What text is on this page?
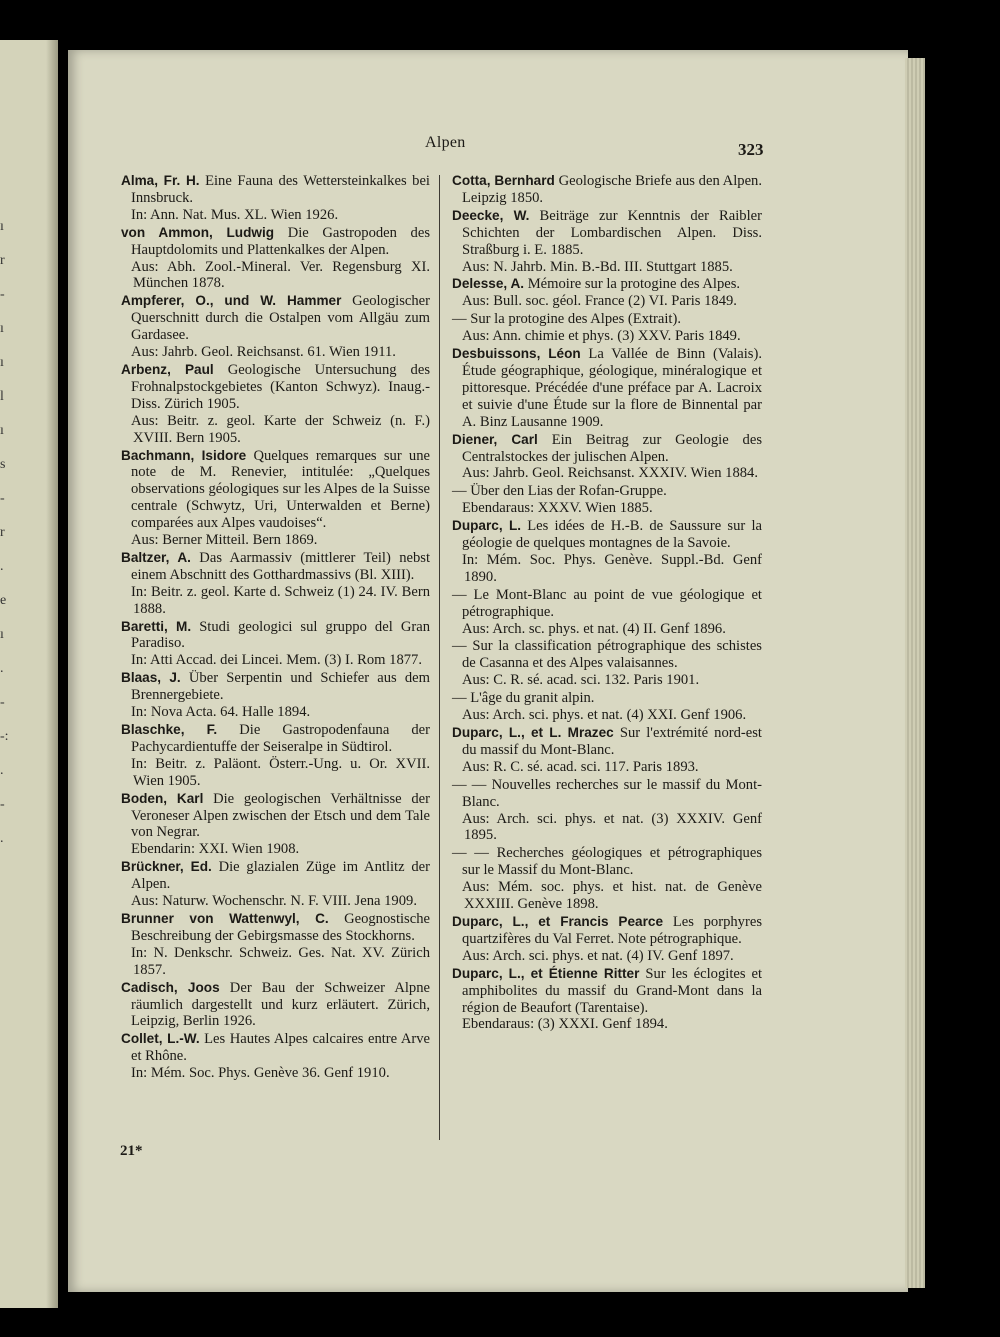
ı
r
-
ı
ı
l
ı
s
-
r
.
e
ı
.
-
-:
.
-
.
Alpen	323

Alma, Fr. H. Eine Fauna des Wettersteinkalkes bei Innsbruck.
In: Ann. Nat. Mus. XL. Wien 1926.

von Ammon, Ludwig Die Gastropoden des Hauptdolomits und Plattenkalkes der Alpen.
Aus: Abh. Zool.-Mineral. Ver. Regensburg XI. München 1878.

Ampferer, O., und W. Hammer Geologischer Querschnitt durch die Ostalpen vom Allgäu zum Gardasee.
Aus: Jahrb. Geol. Reichsanst. 61. Wien 1911.

Arbenz, Paul Geologische Untersuchung des Frohnalpstockgebietes (Kanton Schwyz). Inaug.-Diss. Zürich 1905.
Aus: Beitr. z. geol. Karte der Schweiz (n. F.) XVIII. Bern 1905.

Bachmann, Isidore Quelques remarques sur une note de M. Renevier, intitulée: „Quelques observations géologiques sur les Alpes de la Suisse centrale (Schwytz, Uri, Unterwalden et Berne) comparées aux Alpes vaudoises“.
Aus: Berner Mitteil. Bern 1869.

Baltzer, A. Das Aarmassiv (mittlerer Teil) nebst einem Abschnitt des Gotthardmassivs (Bl. XIII).
In: Beitr. z. geol. Karte d. Schweiz (1) 24. IV. Bern 1888.

Baretti, M. Studi geologici sul gruppo del Gran Paradiso.
In: Atti Accad. dei Lincei. Mem. (3) I. Rom 1877.

Blaas, J. Über Serpentin und Schiefer aus dem Brennergebiete.
In: Nova Acta. 64. Halle 1894.

Blaschke, F. Die Gastropodenfauna der Pachycardientuffe der Seiseralpe in Südtirol.
In: Beitr. z. Paläont. Österr.-Ung. u. Or. XVII. Wien 1905.

Boden, Karl Die geologischen Verhältnisse der Veroneser Alpen zwischen der Etsch und dem Tale von Negrar.
Ebendarin: XXI. Wien 1908.

Brückner, Ed. Die glazialen Züge im Antlitz der Alpen.
Aus: Naturw. Wochenschr. N. F. VIII. Jena 1909.

Brunner von Wattenwyl, C. Geognostische Beschreibung der Gebirgsmasse des Stockhorns.
In: N. Denkschr. Schweiz. Ges. Nat. XV. Zürich 1857.

Cadisch, Joos Der Bau der Schweizer Alpne räumlich dargestellt und kurz erläutert. Zürich, Leipzig, Berlin 1926.

Collet, L.-W. Les Hautes Alpes calcaires entre Arve et Rhône.
In: Mém. Soc. Phys. Genève 36. Genf 1910.

Cotta, Bernhard Geologische Briefe aus den Alpen. Leipzig 1850.

Deecke, W. Beiträge zur Kenntnis der Raibler Schichten der Lombardischen Alpen. Diss. Straßburg i. E. 1885.
Aus: N. Jahrb. Min. B.-Bd. III. Stuttgart 1885.

Delesse, A. Mémoire sur la protogine des Alpes.
Aus: Bull. soc. géol. France (2) VI. Paris 1849.

— Sur la protogine des Alpes (Extrait).
Aus: Ann. chimie et phys. (3) XXV. Paris 1849.

Desbuissons, Léon La Vallée de Binn (Valais). Étude géographique, géologique, minéralogique et pittoresque. Précédée d'une préface par A. Lacroix et suivie d'une Étude sur la flore de Binnental par A. Binz Lausanne 1909.

Diener, Carl Ein Beitrag zur Geologie des Centralstockes der julischen Alpen.
Aus: Jahrb. Geol. Reichsanst. XXXIV. Wien 1884.

— Über den Lias der Rofan-Gruppe.
Ebendaraus: XXXV. Wien 1885.

Duparc, L. Les idées de H.-B. de Saussure sur la géologie de quelques montagnes de la Savoie.
In: Mém. Soc. Phys. Genève. Suppl.-Bd. Genf 1890.

— Le Mont-Blanc au point de vue géologique et pétrographique.
Aus: Arch. sc. phys. et nat. (4) II. Genf 1896.

— Sur la classification pétrographique des schistes de Casanna et des Alpes valaisannes.
Aus: C. R. sé. acad. sci. 132. Paris 1901.

— L'âge du granit alpin.
Aus: Arch. sci. phys. et nat. (4) XXI. Genf 1906.

Duparc, L., et L. Mrazec Sur l'extrémité nord-est du massif du Mont-Blanc.
Aus: R. C. sé. acad. sci. 117. Paris 1893.

— — Nouvelles recherches sur le massif du Mont-Blanc.
Aus: Arch. sci. phys. et nat. (3) XXXIV. Genf 1895.

— — Recherches géologiques et pétrographiques sur le Massif du Mont-Blanc.
Aus: Mém. soc. phys. et hist. nat. de Genève XXXIII. Genève 1898.

Duparc, L., et Francis Pearce Les porphyres quartzifères du Val Ferret. Note pétrographique.
Aus: Arch. sci. phys. et nat. (4) IV. Genf 1897.

Duparc, L., et Étienne Ritter Sur les éclogites et amphibolites du massif du Grand-Mont dans la région de Beaufort (Tarentaise).
Ebendaraus: (3) XXXI. Genf 1894.

21*
